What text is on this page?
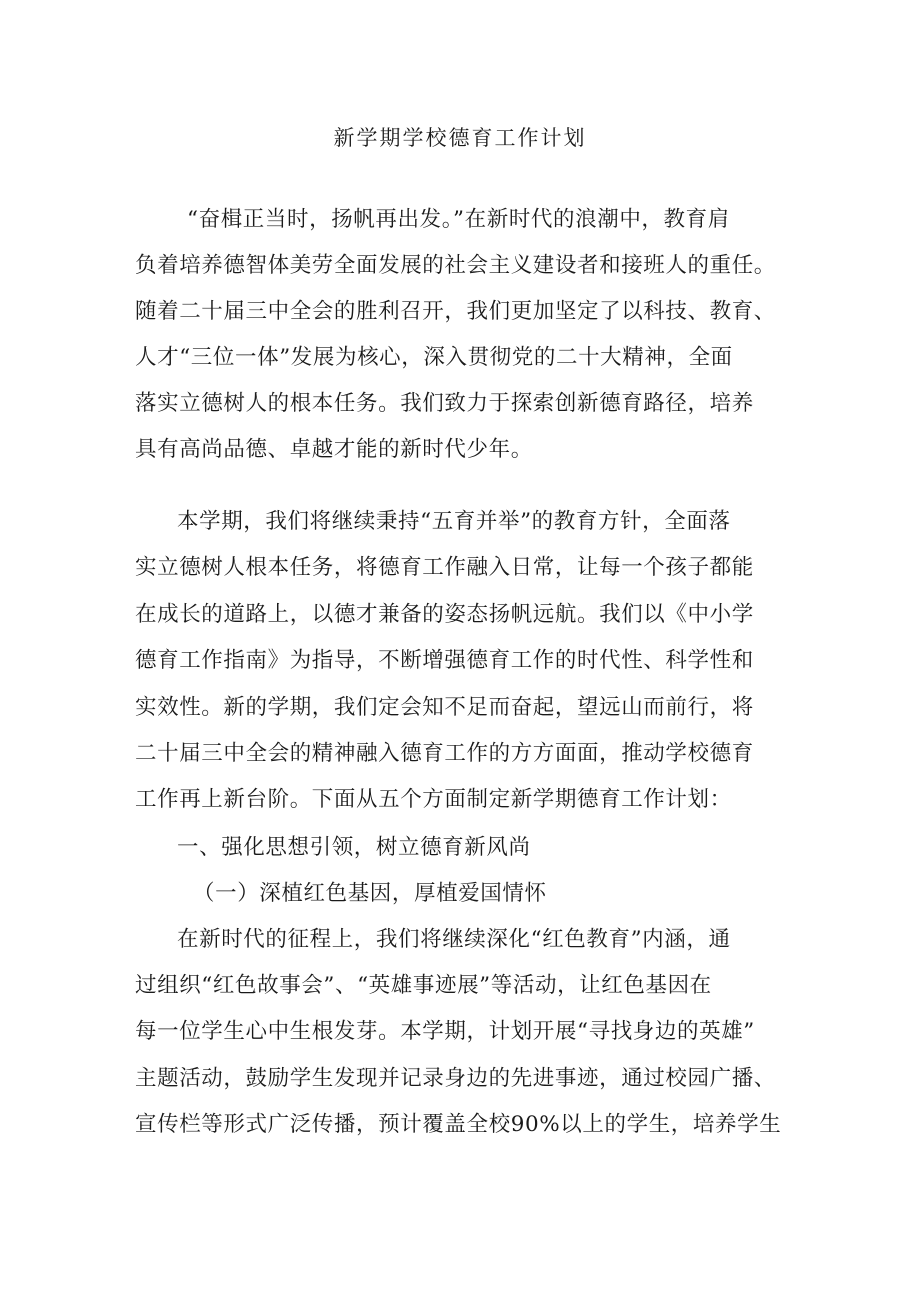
新学期学校德育工作计划
“奋楫正当时，扬帆再出发。”在新时代的浪潮中，教育肩
负着培养德智体美劳全面发展的社会主义建设者和接班人的重任。
随着二十届三中全会的胜利召开，我们更加坚定了以科技、教育、
人才“三位一体”发展为核心，深入贯彻党的二十大精神，全面
落实立德树人的根本任务。我们致力于探索创新德育路径，培养
具有高尚品德、卓越才能的新时代少年。
本学期，我们将继续秉持“五育并举”的教育方针，全面落
实立德树人根本任务，将德育工作融入日常，让每一个孩子都能
在成长的道路上，以德才兼备的姿态扬帆远航。我们以《中小学
德育工作指南》为指导，不断增强德育工作的时代性、科学性和
实效性。新的学期，我们定会知不足而奋起，望远山而前行，将
二十届三中全会的精神融入德育工作的方方面面，推动学校德育
工作再上新台阶。下面从五个方面制定新学期德育工作计划：
一、强化思想引领，树立德育新风尚
（一）深植红色基因，厚植爱国情怀
在新时代的征程上，我们将继续深化“红色教育”内涵，通
过组织“红色故事会”、“英雄事迹展”等活动，让红色基因在
每一位学生心中生根发芽。本学期，计划开展“寻找身边的英雄”
主题活动，鼓励学生发现并记录身边的先进事迹，通过校园广播、
宣传栏等形式广泛传播，预计覆盖全校90%以上的学生，培养学生
